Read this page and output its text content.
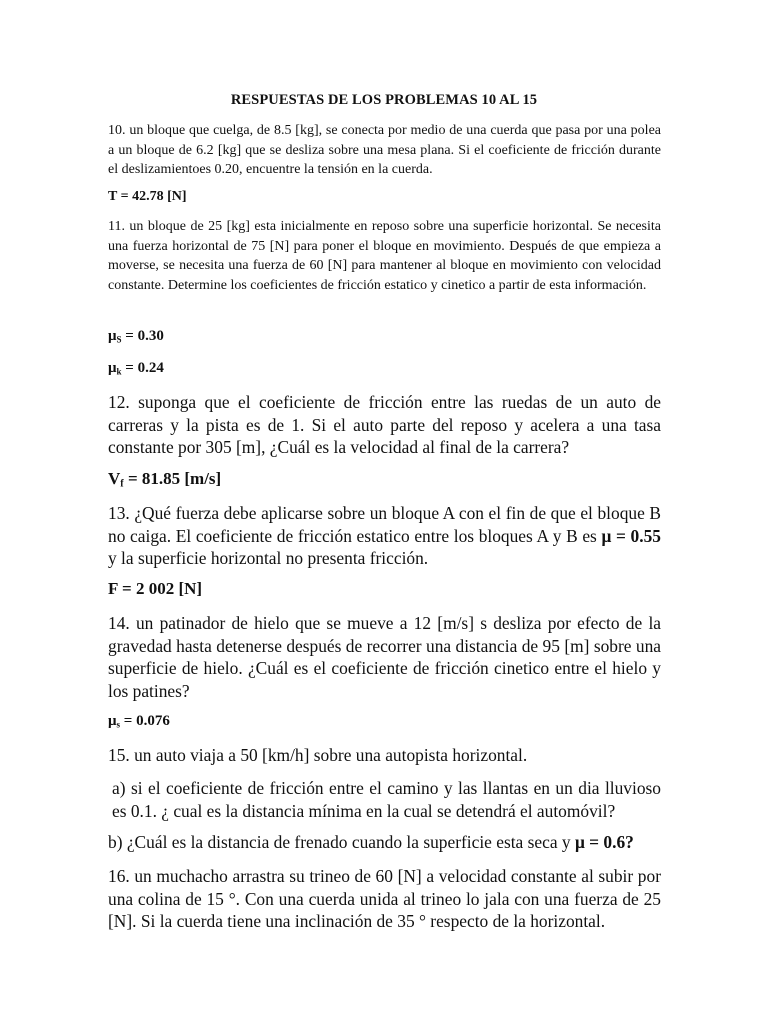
RESPUESTAS DE LOS PROBLEMAS 10 AL 15

10. un bloque que cuelga, de 8.5 [kg], se conecta por medio de una cuerda que pasa por una polea a un bloque de 6.2 [kg] que se desliza sobre una mesa plana. Si el coeficiente de fricción durante el deslizamientoes 0.20, encuentre la tensión en la cuerda.

T = 42.78 [N]

11. un bloque de 25 [kg] esta inicialmente en reposo sobre una superficie horizontal. Se necesita una fuerza horizontal de 75 [N] para poner el bloque en movimiento. Después de que empieza a moverse, se necesita una fuerza de 60 [N] para mantener al bloque en movimiento con velocidad constante. Determine los coeficientes de fricción estatico y cinetico a partir de esta información.

$\mu_S = 0.30$

$\mu_k = 0.24$

12. suponga que el coeficiente de fricción entre las ruedas de un auto de carreras y la pista es de 1. Si el auto parte del reposo y acelera a una tasa constante por 305 [m], ¿Cuál es la velocidad al final de la carrera?

$V_f = 81.85$ [m/s]

13. ¿Qué fuerza debe aplicarse sobre un bloque A con el fin de que el bloque B no caiga. El coeficiente de fricción estatico entre los bloques A y B es μ = 0.55 y la superficie horizontal no presenta fricción.

F = 2 002 [N]

14. un patinador de hielo que se mueve a 12 [m/s] s desliza por efecto de la gravedad hasta detenerse después de recorrer una distancia de 95 [m] sobre una superficie de hielo. ¿Cuál es el coeficiente de fricción cinetico entre el hielo y los patines?

$\mu_s = 0.076$

15. un auto viaja a 50 [km/h] sobre una autopista horizontal.

a) si el coeficiente de fricción entre el camino y las llantas en un dia lluvioso es 0.1. ¿ cual es la distancia mínima en la cual se detendrá el automóvil?

b) ¿Cuál es la distancia de frenado cuando la superficie esta seca y μ = 0.6?

16. un muchacho arrastra su trineo de 60 [N] a velocidad constante al subir por una colina de 15 °. Con una cuerda unida al trineo lo jala con una fuerza de 25 [N]. Si la cuerda tiene una inclinación de 35 ° respecto de la horizontal.
